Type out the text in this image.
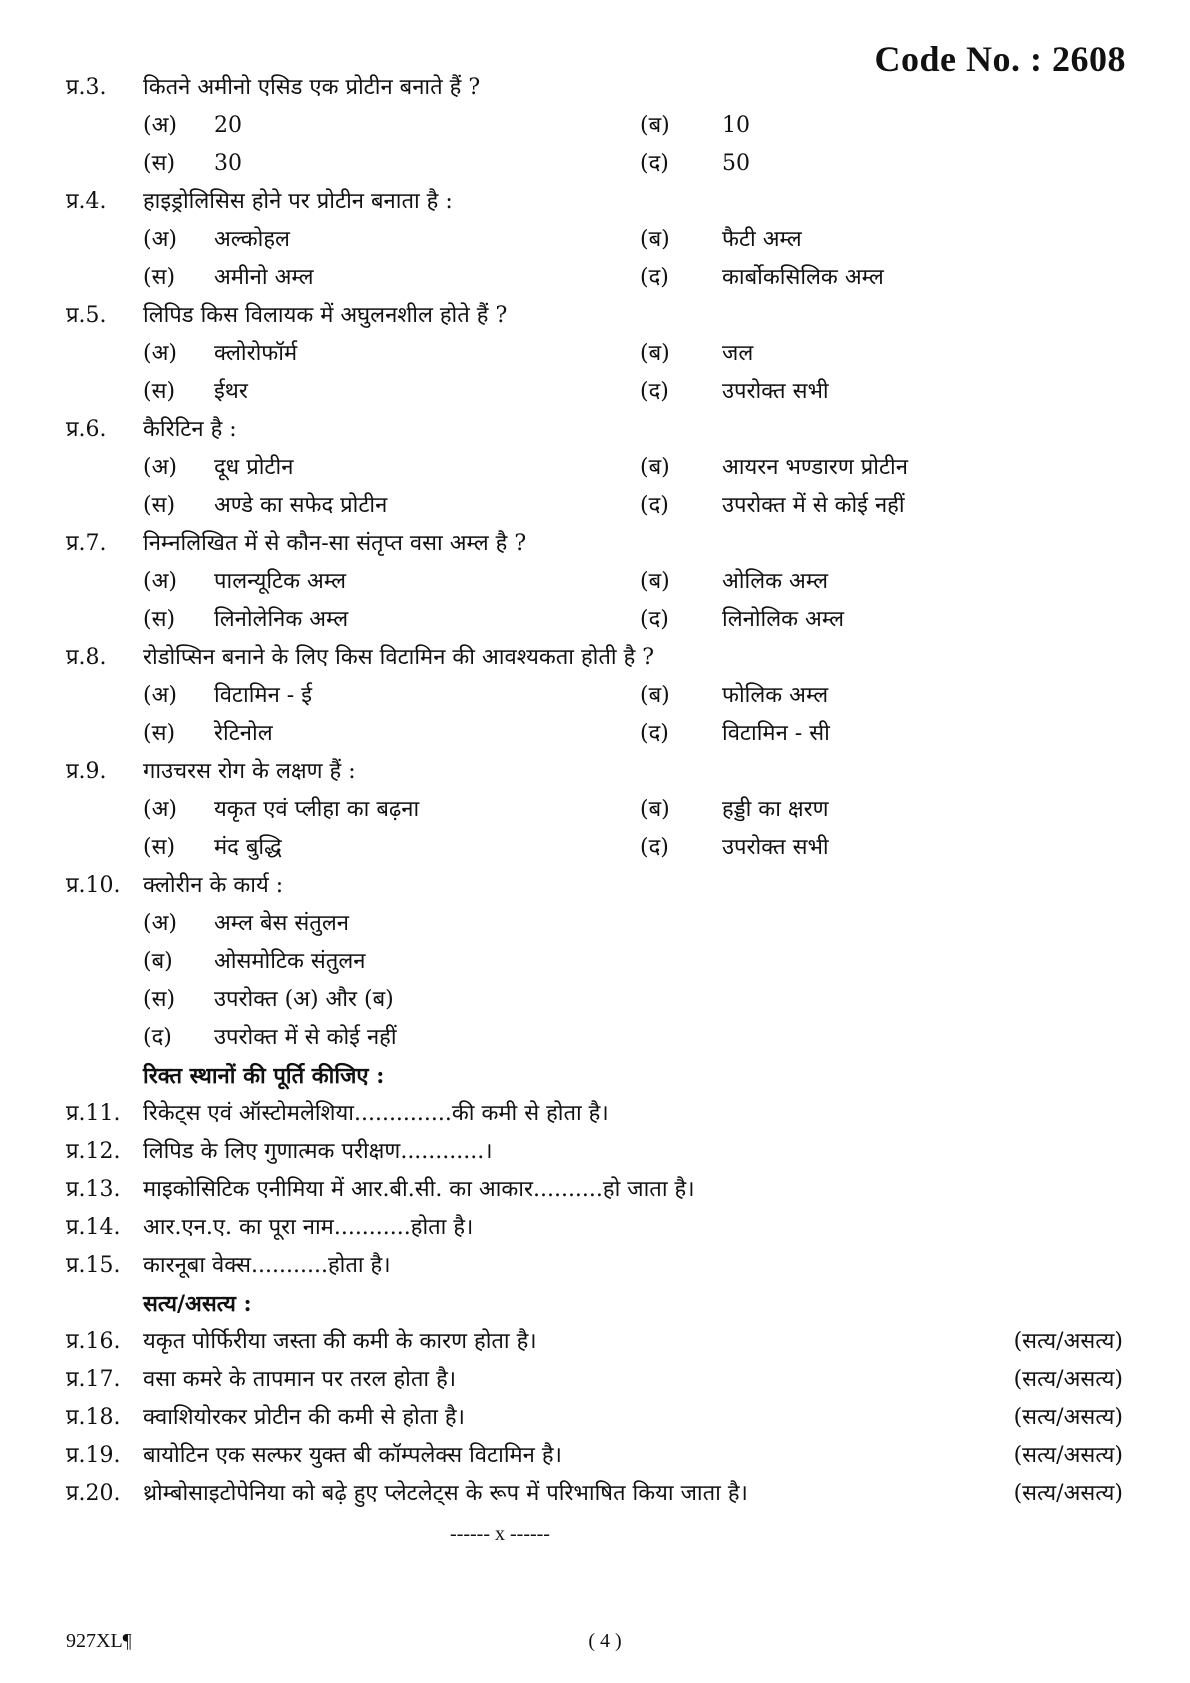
Code No. : 2608
प्र.3. कितने अमीनो एसिड एक प्रोटीन बनाते हैं ?
(अ) 20	(ब) 10
(स) 30	(द) 50
प्र.4. हाइड्रोलिसिस होने पर प्रोटीन बनाता है :
(अ) अल्कोहल	(ब) फैटी अम्ल
(स) अमीनो अम्ल	(द) कार्बोकसिलिक अम्ल
प्र.5. लिपिड किस विलायक में अघुलनशील होते हैं ?
(अ) क्लोरोफॉर्म	(ब) जल
(स) ईथर	(द) उपरोक्त सभी
प्र.6. कैरिटिन है :
(अ) दूध प्रोटीन	(ब) आयरन भण्डारण प्रोटीन
(स) अण्डे का सफेद प्रोटीन	(द) उपरोक्त में से कोई नहीं
प्र.7. निम्नलिखित में से कौन-सा संतृप्त वसा अम्ल है ?
(अ) पालन्यूटिक अम्ल	(ब) ओलिक अम्ल
(स) लिनोलेनिक अम्ल	(द) लिनोलिक अम्ल
प्र.8. रोडोप्सिन बनाने के लिए किस विटामिन की आवश्यकता होती है ?
(अ) विटामिन - ई	(ब) फोलिक अम्ल
(स) रेटिनोल	(द) विटामिन - सी
प्र.9. गाउचरस रोग के लक्षण हैं :
(अ) यकृत एवं प्लीहा का बढ़ना	(ब) हड्डी का क्षरण
(स) मंद बुद्धि	(द) उपरोक्त सभी
प्र.10. क्लोरीन के कार्य :
(अ) अम्ल बेस संतुलन
(ब) ओसमोटिक संतुलन
(स) उपरोक्त (अ) और (ब)
(द) उपरोक्त में से कोई नहीं
रिक्त स्थानों की पूर्ति कीजिए :
प्र.11. रिकेट्स एवं ऑस्टोमलेशिया..............की कमी से होता है।
प्र.12. लिपिड के लिए गुणात्मक परीक्षण............।
प्र.13. माइकोसिटिक एनीमिया में आर.बी.सी. का आकार..........हो जाता है।
प्र.14. आर.एन.ए. का पूरा नाम...........होता है।
प्र.15. कारनूबा वेक्स...........होता है।
सत्य/असत्य :
प्र.16. यकृत पोर्फिरीया जस्ता की कमी के कारण होता है।	(सत्य/असत्य)
प्र.17. वसा कमरे के तापमान पर तरल होता है।	(सत्य/असत्य)
प्र.18. क्वाशियोरकर प्रोटीन की कमी से होता है।	(सत्य/असत्य)
प्र.19. बायोटिन एक सल्फर युक्त बी कॉम्पलेक्स विटामिन है।	(सत्य/असत्य)
प्र.20. थ्रोम्बोसाइटोपेनिया को बढ़े हुए प्लेटलेट्स के रूप में परिभाषित किया जाता है।	(सत्य/असत्य)
------ x ------
927XL¶	( 4 )
